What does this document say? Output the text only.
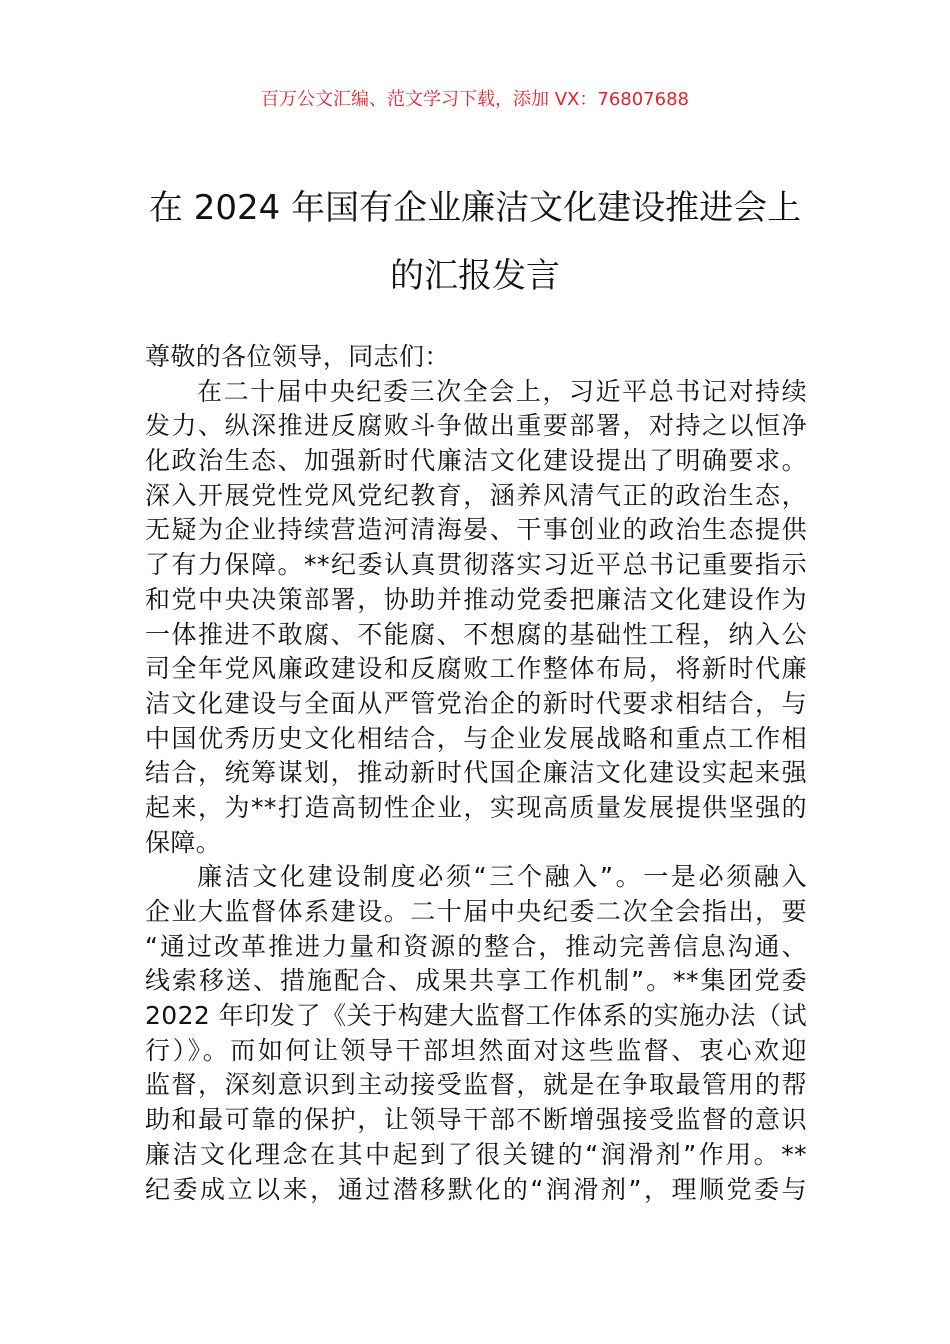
百万公文汇编、范文学习下载，添加 VX：76807688
在 2024 年国有企业廉洁文化建设推进会上
的汇报发言
尊敬的各位领导，同志们：
在二十届中央纪委三次全会上，习近平总书记对持续
发力、纵深推进反腐败斗争做出重要部署，对持之以恒净
化政治生态、加强新时代廉洁文化建设提出了明确要求。
深入开展党性党风党纪教育，涵养风清气正的政治生态，
无疑为企业持续营造河清海晏、干事创业的政治生态提供
了有力保障。**纪委认真贯彻落实习近平总书记重要指示
和党中央决策部署，协助并推动党委把廉洁文化建设作为
一体推进不敢腐、不能腐、不想腐的基础性工程，纳入公
司全年党风廉政建设和反腐败工作整体布局，将新时代廉
洁文化建设与全面从严管党治企的新时代要求相结合，与
中国优秀历史文化相结合，与企业发展战略和重点工作相
结合，统筹谋划，推动新时代国企廉洁文化建设实起来强
起来，为**打造高韧性企业，实现高质量发展提供坚强的
保障。
廉洁文化建设制度必须“三个融入”。一是必须融入
企业大监督体系建设。二十届中央纪委二次全会指出，要
“通过改革推进力量和资源的整合，推动完善信息沟通、
线索移送、措施配合、成果共享工作机制”。**集团党委
2022 年印发了《关于构建大监督工作体系的实施办法（试
行）》。而如何让领导干部坦然面对这些监督、衷心欢迎
监督，深刻意识到主动接受监督，就是在争取最管用的帮
助和最可靠的保护，让领导干部不断增强接受监督的意识
廉洁文化理念在其中起到了很关键的“润滑剂”作用。**
纪委成立以来，通过潜移默化的“润滑剂”，理顺党委与
